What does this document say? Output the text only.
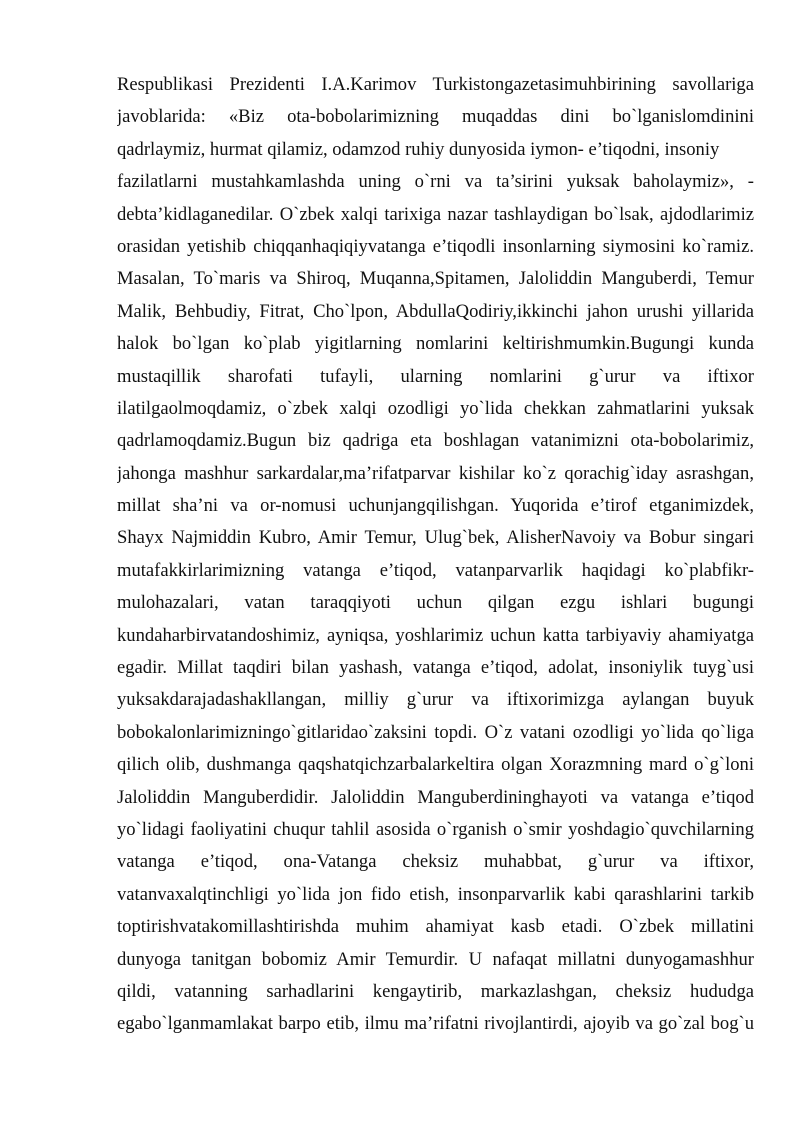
Respublikasi Prezidenti I.A.Karimov Turkistongazetasimuhbirining savollariga
javoblarida: «Biz ota-bobolarimizning muqaddas dini bo`lganislomdinini
qadrlaymiz, hurmat qilamiz, odamzod ruhiy dunyosida iymon- e’tiqodni, insoniy
fazilatlarni mustahkamlashda uning o`rni va ta’sirini yuksak baholaymiz», -
debta’kidlaganedilar. O`zbek xalqi tarixiga nazar tashlaydigan bo`lsak, ajdodlarimiz
orasidan yetishib chiqqanhaqiqiyvatanga e’tiqodli insonlarning siymosini ko`ramiz.
Masalan, To`maris va Shiroq, Muqanna,Spitamen, Jaloliddin Manguberdi, Temur
Malik, Behbudiy, Fitrat, Cho`lpon, AbdullaQodiriy,ikkinchi jahon urushi yillarida
halok bo`lgan ko`plab yigitlarning nomlarini keltirishmumkin.Bugungi kunda
mustaqillik sharofati tufayli, ularning nomlarini g`urur va iftixor
ilatilgaolmoqdamiz, o`zbek xalqi ozodligi yo`lida chekkan zahmatlarini yuksak
qadrlamoqdamiz.Bugun biz qadriga eta boshlagan vatanimizni ota-bobolarimiz,
jahonga mashhur sarkardalar,ma’rifatparvar kishilar ko`z qorachig`iday asrashgan,
millat sha’ni va or-nomusi uchunjangqilishgan. Yuqorida e’tirof etganimizdek,
Shayx Najmiddin Kubro, Amir Temur, Ulug`bek, AlisherNavoiy va Bobur singari
mutafakkirlarimizning vatanga e’tiqod, vatanparvarlik haqidagi ko`plabfikr-
mulohazalari, vatan taraqqiyoti uchun qilgan ezgu ishlari bugungi
kundaharbirvatandoshimiz, ayniqsa, yoshlarimiz uchun katta tarbiyaviy ahamiyatga
egadir. Millat taqdiri bilan yashash, vatanga e’tiqod, adolat, insoniylik tuyg`usi
yuksakdarajadashakllangan, milliy g`urur va iftixorimizga aylangan buyuk
bobokalonlarimizningo`gitlaridao`zaksini topdi. O`z vatani ozodligi yo`lida qo`liga
qilich olib, dushmanga qaqshatqichzarbalarkeltira olgan Xorazmning mard o`g`loni
Jaloliddin Manguberdidir. Jaloliddin Manguberdininghayoti va vatanga e’tiqod
yo`lidagi faoliyatini chuqur tahlil asosida o`rganish o`smir yoshdagio`quvchilarning
vatanga e’tiqod, ona-Vatanga cheksiz muhabbat, g`urur va iftixor,
vatanvaxalqtinchligi yo`lida jon fido etish, insonparvarlik kabi qarashlarini tarkib
toptirishvatakomillashtirishda muhim ahamiyat kasb etadi. O`zbek millatini
dunyoga tanitgan bobomiz Amir Temurdir. U nafaqat millatni dunyogamashhur
qildi, vatanning sarhadlarini kengaytirib, markazlashgan, cheksiz hududga
egabo`lganmamlakat barpo etib, ilmu ma’rifatni rivojlantirdi, ajoyib va go`zal bog`u
